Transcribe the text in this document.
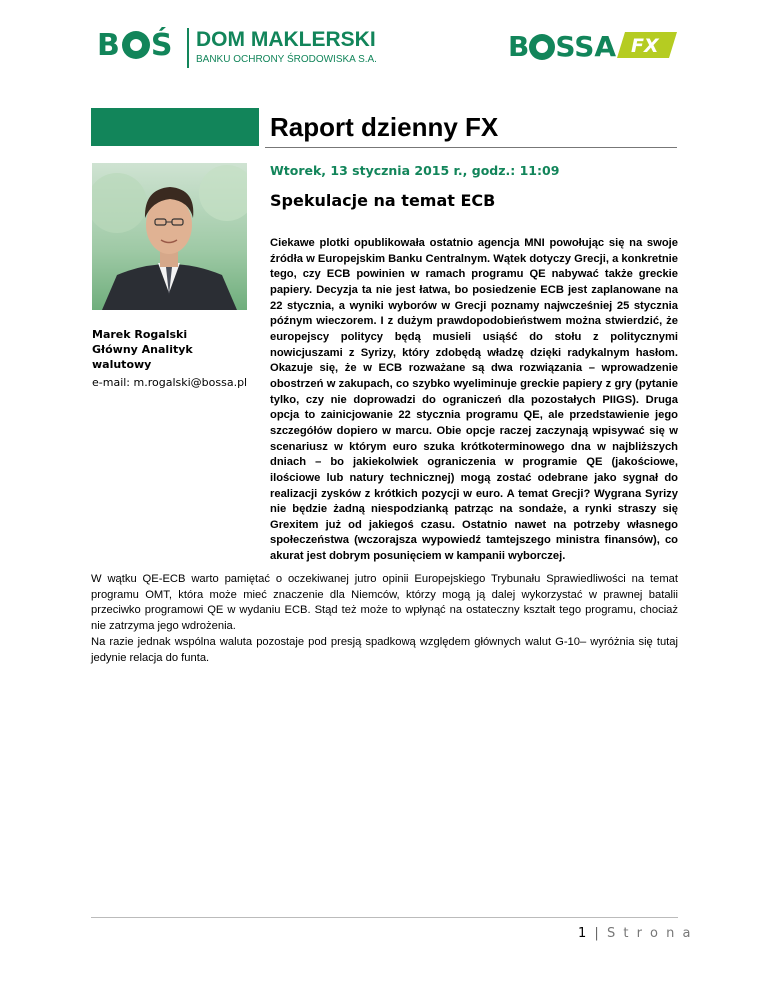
B Ś DOM MAKLERSKI
BANKU OCHRONY ŚRODOWISKA S.A.	B SSA FX
Raport dzienny FX
Wtorek, 13 stycznia 2015 r., godz.: 11:09
Spekulacje na temat ECB
Marek Rogalski
Główny Analityk
walutowy
e-mail: m.rogalski@bossa.pl
Ciekawe plotki opublikowała ostatnio agencja MNI powołując się na swoje źródła w Europejskim Banku Centralnym. Wątek dotyczy Grecji, a konkretnie tego, czy ECB powinien w ramach programu QE nabywać także greckie papiery. Decyzja ta nie jest łatwa, bo posiedzenie ECB jest zaplanowane na 22 stycznia, a wyniki wyborów w Grecji poznamy najwcześniej 25 stycznia późnym wieczorem. I z dużym prawdopodobieństwem można stwierdzić, że europejscy politycy będą musieli usiąść do stołu z politycznymi nowicjuszami z Syrizy, który zdobędą władzę dzięki radykalnym hasłom. Okazuje się, że w ECB rozważane są dwa rozwiązania – wprowadzenie obostrzeń w zakupach, co szybko wyeliminuje greckie papiery z gry (pytanie tylko, czy nie doprowadzi do ograniczeń dla pozostałych PIIGS). Druga opcja to zainicjowanie 22 stycznia programu QE, ale przedstawienie jego szczegółów dopiero w marcu. Obie opcje raczej zaczynają wpisywać się w scenariusz w którym euro szuka krótkoterminowego dna w najbliższych dniach – bo jakiekolwiek ograniczenia w programie QE (jakościowe, ilościowe lub natury technicznej) mogą zostać odebrane jako sygnał do realizacji zysków z krótkich pozycji w euro. A temat Grecji? Wygrana Syrizy nie będzie żadną niespodzianką patrząc na sondaże, a rynki straszy się Grexitem już od jakiegoś czasu. Ostatnio nawet na potrzeby własnego społeczeństwa (wczorajsza wypowiedź tamtejszego ministra finansów), co akurat jest dobrym posunięciem w kampanii wyborczej.
W wątku QE-ECB warto pamiętać o oczekiwanej jutro opinii Europejskiego Trybunału Sprawiedliwości na temat programu OMT, która może mieć znaczenie dla Niemców, którzy mogą ją dalej wykorzystać w prawnej batalii przeciwko programowi QE w wydaniu ECB. Stąd też może to wpłynąć na ostateczny kształt tego programu, chociaż nie zatrzyma jego wdrożenia.
Na razie jednak wspólna waluta pozostaje pod presją spadkową względem głównych walut G-10– wyróżnia się tutaj jedynie relacja do funta.
1 | S t r o n a
